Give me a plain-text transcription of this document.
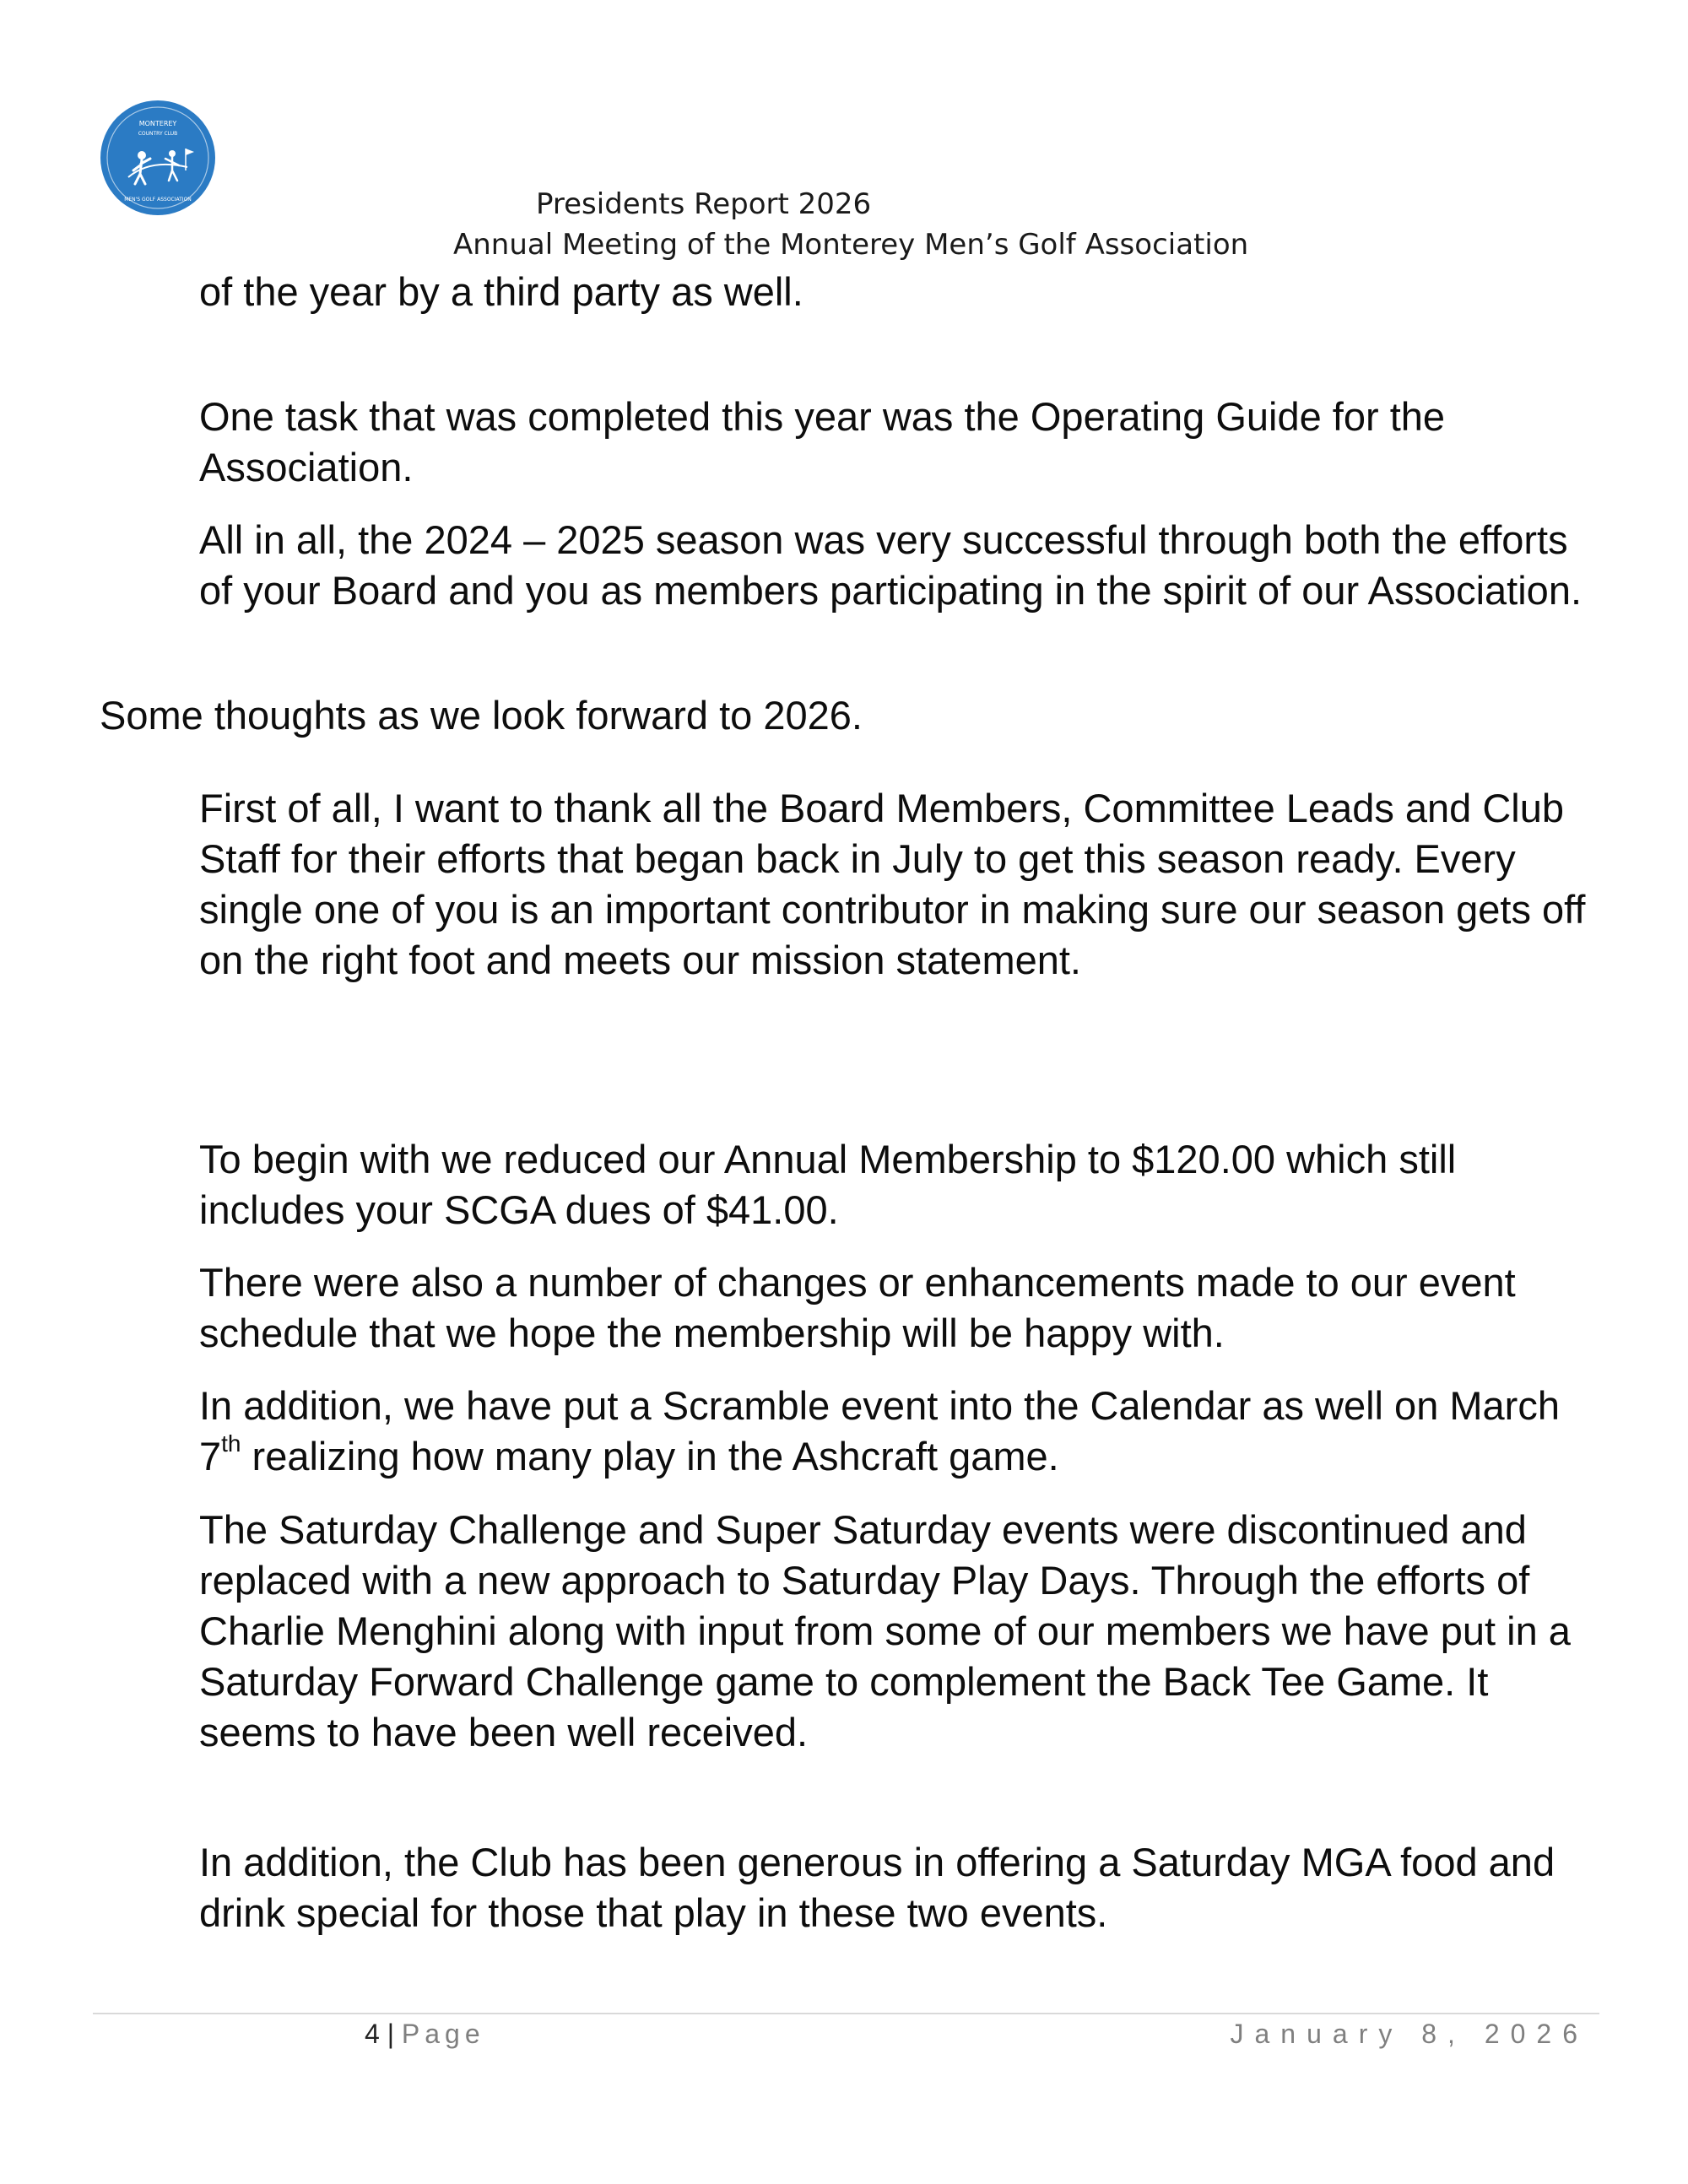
MONTEREY
COUNTRY CLUB
MEN'S GOLF ASSOCIATION	Presidents Report 2026
Annual Meeting of the Monterey Men’s Golf Association

of the year by a third party as well.

One task that was completed this year was the Operating Guide for the Association.

All in all, the 2024 – 2025 season was very successful through both the efforts of your Board and you as members participating in the spirit of our Association.

Some thoughts as we look forward to 2026.

First of all, I want to thank all the Board Members, Committee Leads and Club Staff for their efforts that began back in July to get this season ready. Every single one of you is an important contributor in making sure our season gets off on the right foot and meets our mission statement.

To begin with we reduced our Annual Membership to $120.00 which still includes your SCGA dues of $41.00.

There were also a number of changes or enhancements made to our event schedule that we hope the membership will be happy with.

In addition, we have put a Scramble event into the Calendar as well on March 7th realizing how many play in the Ashcraft game.

The Saturday Challenge and Super Saturday events were discontinued and replaced with a new approach to Saturday Play Days. Through the efforts of Charlie Menghini along with input from some of our members we have put in a Saturday Forward Challenge game to complement the Back Tee Game. It seems to have been well received.

In addition, the Club has been generous in offering a Saturday MGA food and drink special for those that play in these two events.

4 | Page	January 8, 2026
